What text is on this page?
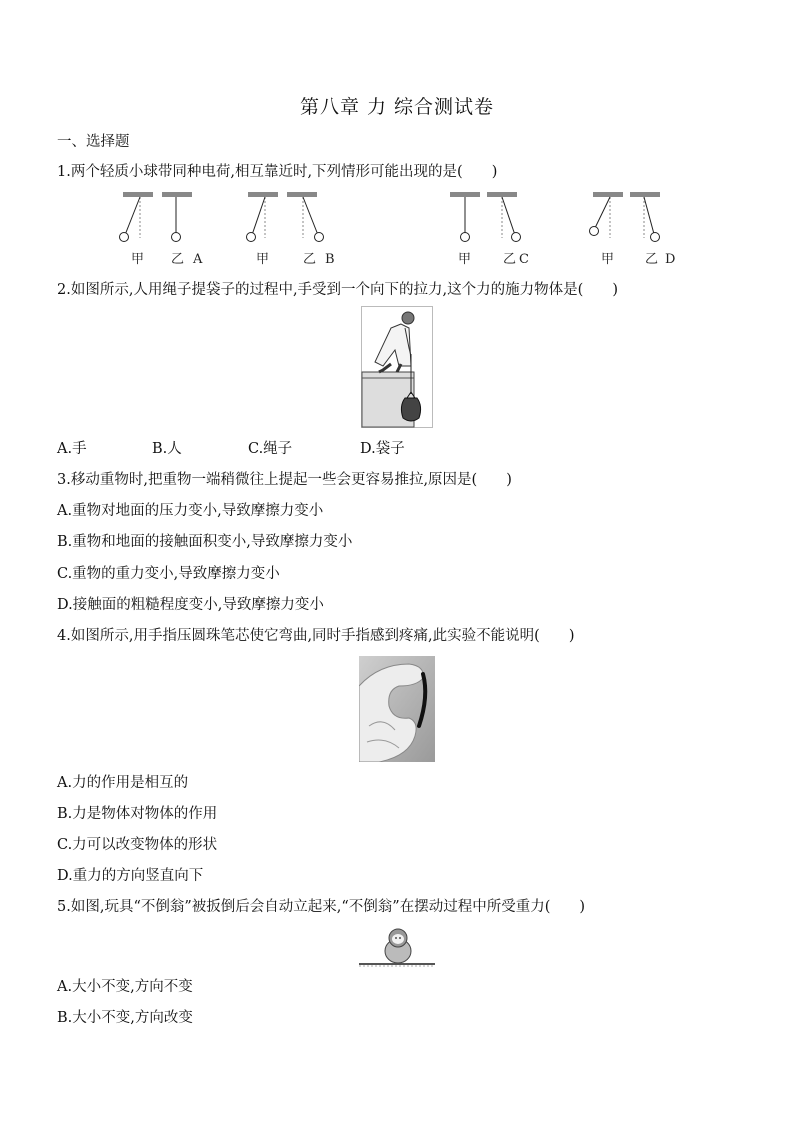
第八章 力 综合测试卷
一、选择题
1.两个轻质小球带同种电荷,相互靠近时,下列情形可能出现的是(　　)
甲 乙 A	甲	乙 B	甲 乙 C	甲 乙 D
2.如图所示,人用绳子提袋子的过程中,手受到一个向下的拉力,这个力的施力物体是(　　)
A.手	B.人	C.绳子	D.袋子
3.移动重物时,把重物一端稍微往上提起一些会更容易推拉,原因是(　　)
A.重物对地面的压力变小,导致摩擦力变小
B.重物和地面的接触面积变小,导致摩擦力变小
C.重物的重力变小,导致摩擦力变小
D.接触面的粗糙程度变小,导致摩擦力变小
4.如图所示,用手指压圆珠笔芯使它弯曲,同时手指感到疼痛,此实验不能说明(　　)
A.力的作用是相互的
B.力是物体对物体的作用
C.力可以改变物体的形状
D.重力的方向竖直向下
5.如图,玩具“不倒翁”被扳倒后会自动立起来,“不倒翁”在摆动过程中所受重力(　　)
A.大小不变,方向不变
B.大小不变,方向改变
